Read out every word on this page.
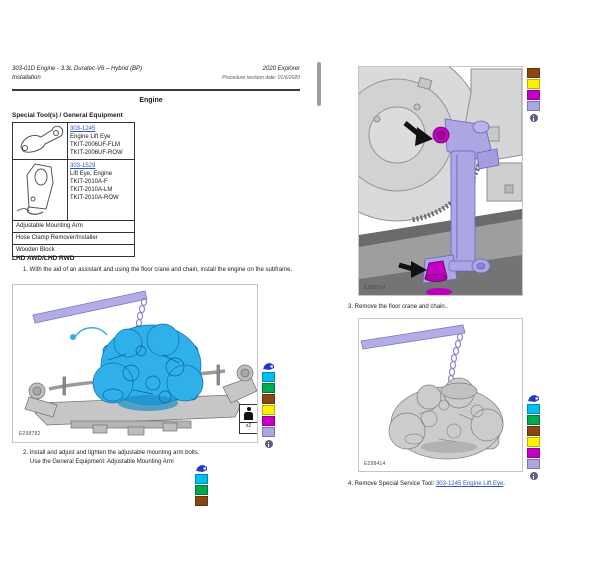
303-01D Engine - 3.3L Duratec-V6 – Hybrid (BP)
Installation
2020 Explorer
Procedure revision date: 01/6/2020
Engine
Special Tool(s) / General Equipment
	303-1245
Engine Lift Eye
TKIT-2006UF-FLM
TKIT-2006UF-ROW

	303-1529
Lift Eye, Engine
TKIT-2010A-F
TKIT-2010A-LM
TKIT-2010A-ROW

Adjustable Mounting Arm	
Hose Clamp Remover/Installer	
Wooden Block	
LHD AWD/LHD RWD
1. With the aid of an assistant and using the floor crane and chain, install the engine on the subframe.
E298782
x2
2. Install and adjust and tighten the adjustable mounting arm bolts.
Use the General Equipment: Adjustable Mounting Arm
E299514
3. Remove the floor crane and chain..
E298414
4. Remove Special Service Tool: 303-1245 Engine Lift Eye.
